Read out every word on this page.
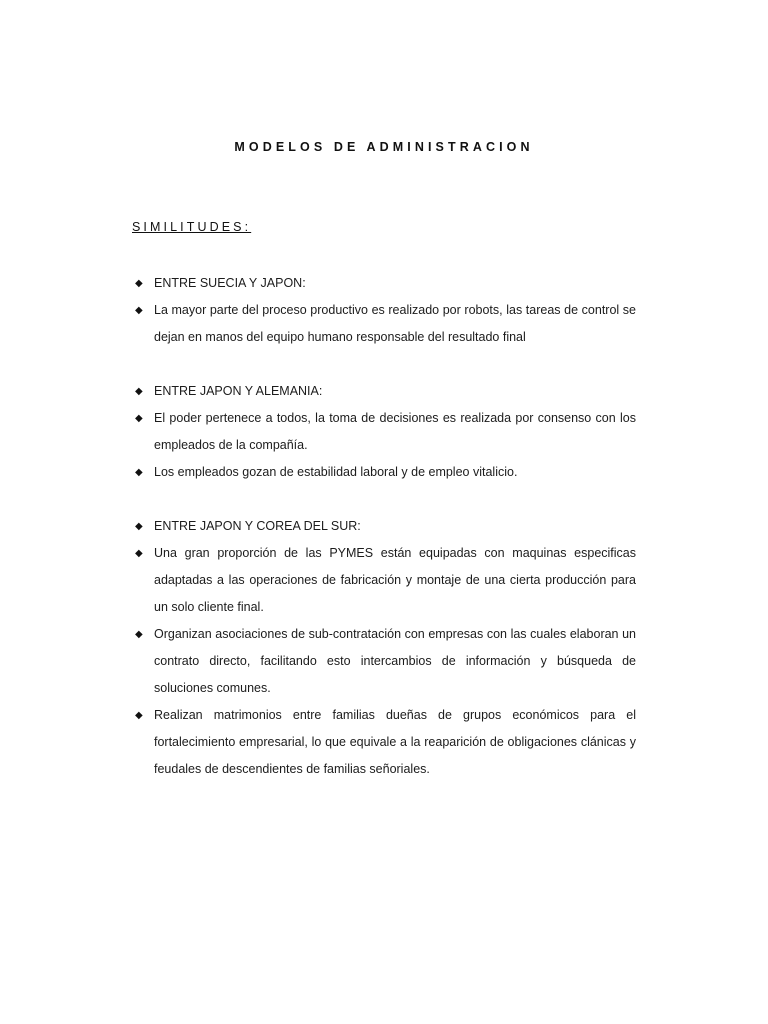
MODELOS DE ADMINISTRACION
SIMILITUDES:
◆ ENTRE SUECIA Y JAPON:
◆ La mayor parte del proceso productivo es realizado por robots, las tareas de control se dejan en manos del equipo humano responsable del resultado final
◆ ENTRE JAPON Y ALEMANIA:
◆ El poder pertenece a todos, la toma de decisiones es realizada por consenso con los empleados de la compañía.
◆ Los empleados gozan de estabilidad laboral y de empleo vitalicio.
◆ ENTRE JAPON Y COREA DEL SUR:
◆ Una gran proporción de las PYMES están equipadas con maquinas especificas adaptadas a las operaciones de fabricación y montaje de una cierta producción para un solo cliente final.
◆ Organizan asociaciones de sub-contratación con empresas con las cuales elaboran un contrato directo, facilitando esto intercambios de información y búsqueda de soluciones comunes.
◆ Realizan matrimonios entre familias dueñas de grupos económicos para el fortalecimiento empresarial, lo que equivale a la reaparición de obligaciones clánicas y feudales de descendientes de familias señoriales.
